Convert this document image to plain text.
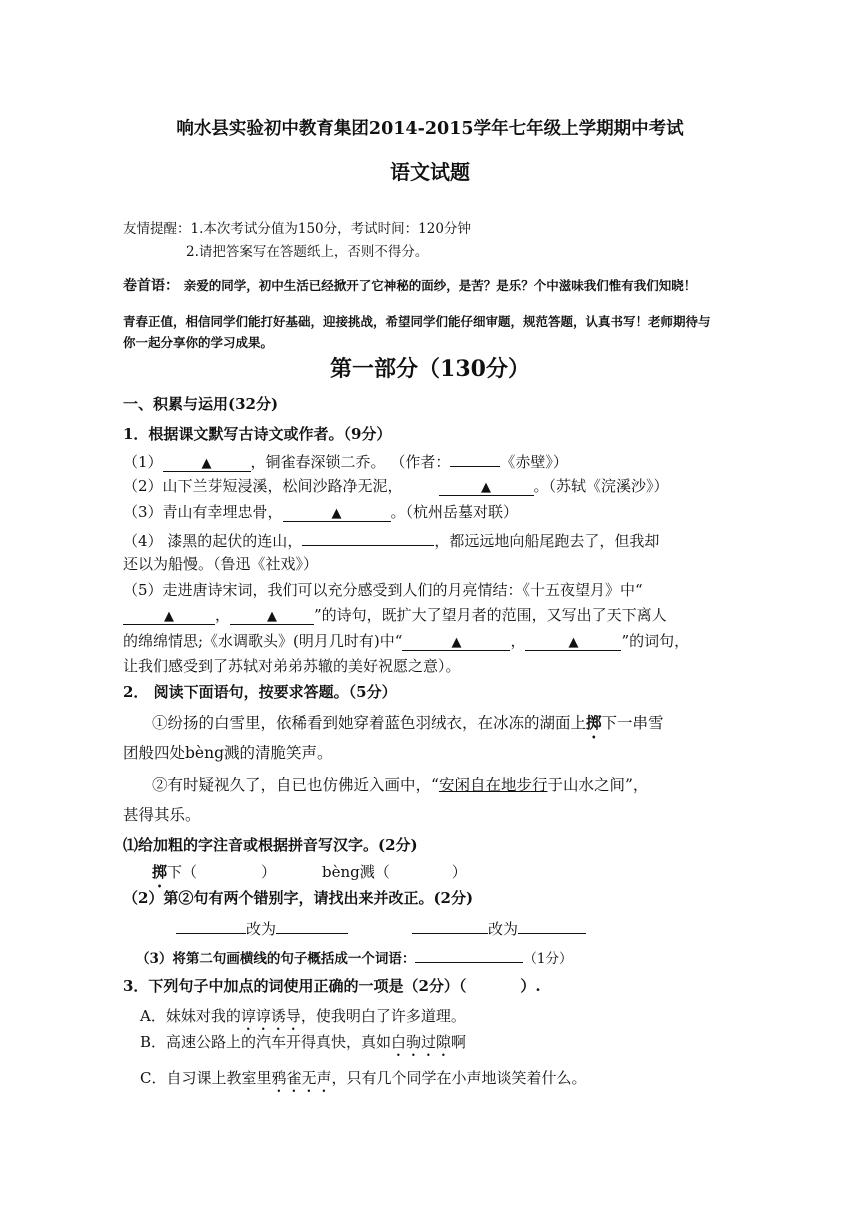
响水县实验初中教育集团2014-2015学年七年级上学期期中考试
语文试题
友情提醒：1.本次考试分值为150分，考试时间：120分钟
2.请把答案写在答题纸上，否则不得分。
卷首语： 亲爱的同学，初中生活已经掀开了它神秘的面纱，是苦？是乐？个中滋味我们惟有我们知晓！
青春正值，相信同学们能打好基础，迎接挑战，希望同学们能仔细审题，规范答题，认真书写！老师期待与
你一起分享你的学习成果。
第一部分（130分）
一、积累与运用(32分)
1．根据课文默写古诗文或作者。（9分）
（1）	▲	，铜雀春深锁二乔。 （作者：	《赤壁》）
（2）山下兰芽短浸溪，松间沙路净无泥，	▲	。（苏轼《浣溪沙》）
（3）青山有幸埋忠骨，	▲	。（杭州岳墓对联）
（4） 漆黑的起伏的连山，	，都远远地向船尾跑去了，但我却
还以为船慢。（鲁迅《社戏》）
（5）走进唐诗宋词，我们可以充分感受到人们的月亮情结：《十五夜望月》中“
▲	，	▲ ”的诗句，既扩大了望月者的范围，又写出了天下离人
的绵绵情思;《水调歌头》(明月几时有)中“	▲	，	▲	”的词句，
让我们感受到了苏轼对弟弟苏辙的美好祝愿之意）。
2． 阅读下面语句，按要求答题。（5分）
①纷扬的白雪里，依稀看到她穿着蓝色羽绒衣，在冰冻的湖面上掷下一串雪
团般四处bèng溅的清脆笑声。
②有时疑视久了，自已也仿佛近入画中，“安闲自在地步行于山水之间”，
甚得其乐。
⑴给加粗的字注音或根据拼音写汉字。(2分)
掷下（	）	bèng溅（	）
（2）第②句有两个错别字，请找出来并改正。(2分)
改为	改为
（3）将第二句画横线的句子概括成一个词语：	（1分）
3．下列句子中加点的词使用正确的一项是（2分）（	）.
A．妹妹对我的谆谆诱导，使我明白了许多道理。
B．高速公路上的汽车开得真快，真如白驹过隙啊
C．自习课上教室里鸦雀无声，只有几个同学在小声地谈笑着什么。
